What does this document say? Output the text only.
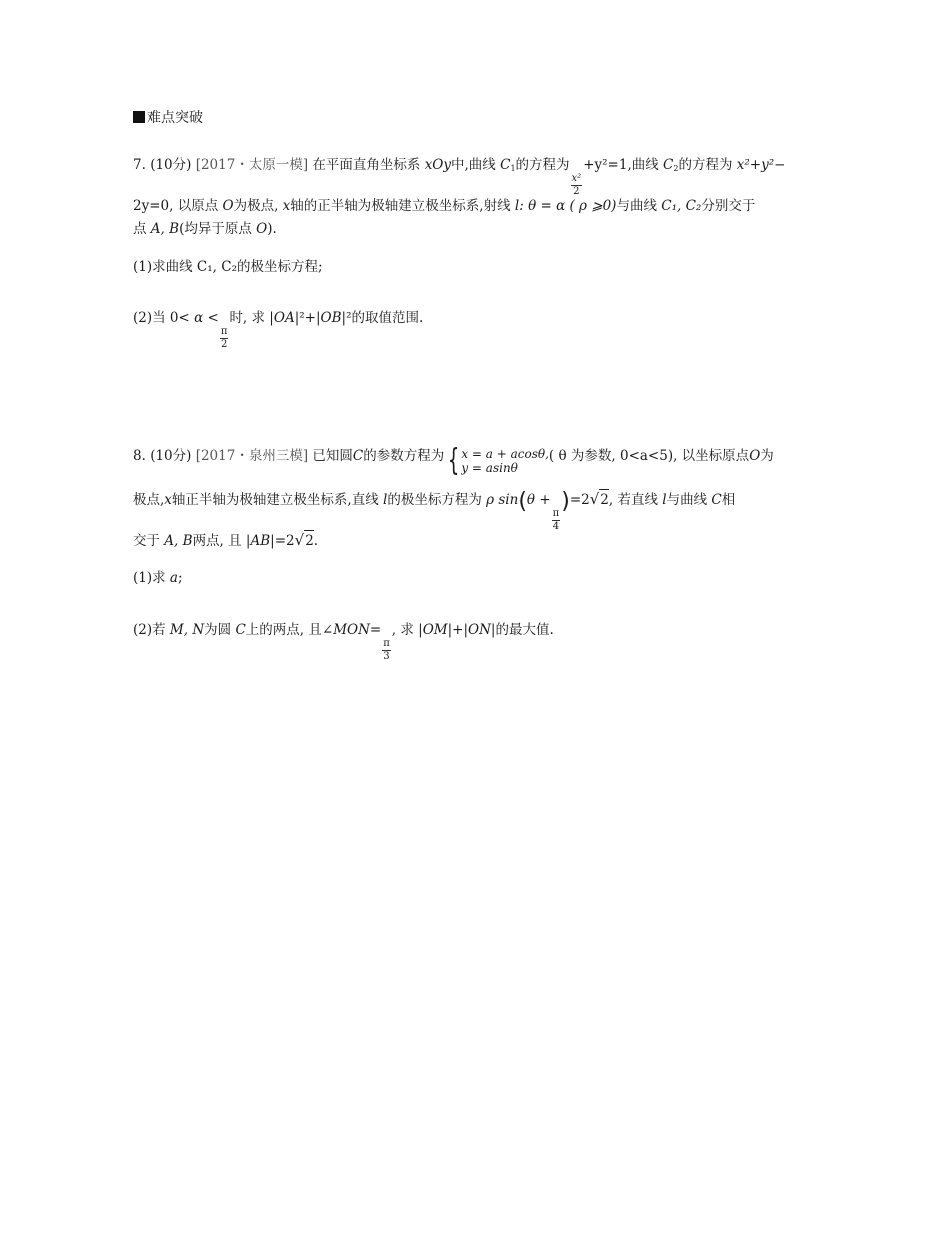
难点突破
7. (10分) [2017・太原一模] 在平面直角坐标系 xOy中,曲线 $C_1$的方程为
$\frac{\text{x²}}{2}$
+y²=1,曲线 $C_2$的方程为 x²+y²−
2y=0, 以原点 O为极点, x轴的正半轴为极轴建立极坐标系,射线 l: θ = α ( ρ ⩾0)与曲线 C₁, C₂分别交于
点 A, B(均异于原点 O).
(1)求曲线 C₁, C₂的极坐标方程;
(2)当 0< α <
$\frac{\pi}{2}$
时, 求 |OA|²+|OB|²的取值范围.
8. (10分) [2017・泉州三模] 已知圆C的参数方程为 { x = a + acosθ,
y = asinθ
( θ 为参数, 0<a<5), 以坐标原点O为
极点,x轴正半轴为极轴建立极坐标系,直线 l的极坐标方程为 ρ sin(θ +
$\frac{\pi}{4}$
)=2 √ 2 , 若直线 l与曲线 C相
交于 A, B两点, 且 |AB|=2 √ 2 .
(1)求 a;
(2)若 M, N为圆 C上的两点, 且∠MON=
$\frac{\pi}{3}$
, 求 |OM|+|ON|的最大值.
